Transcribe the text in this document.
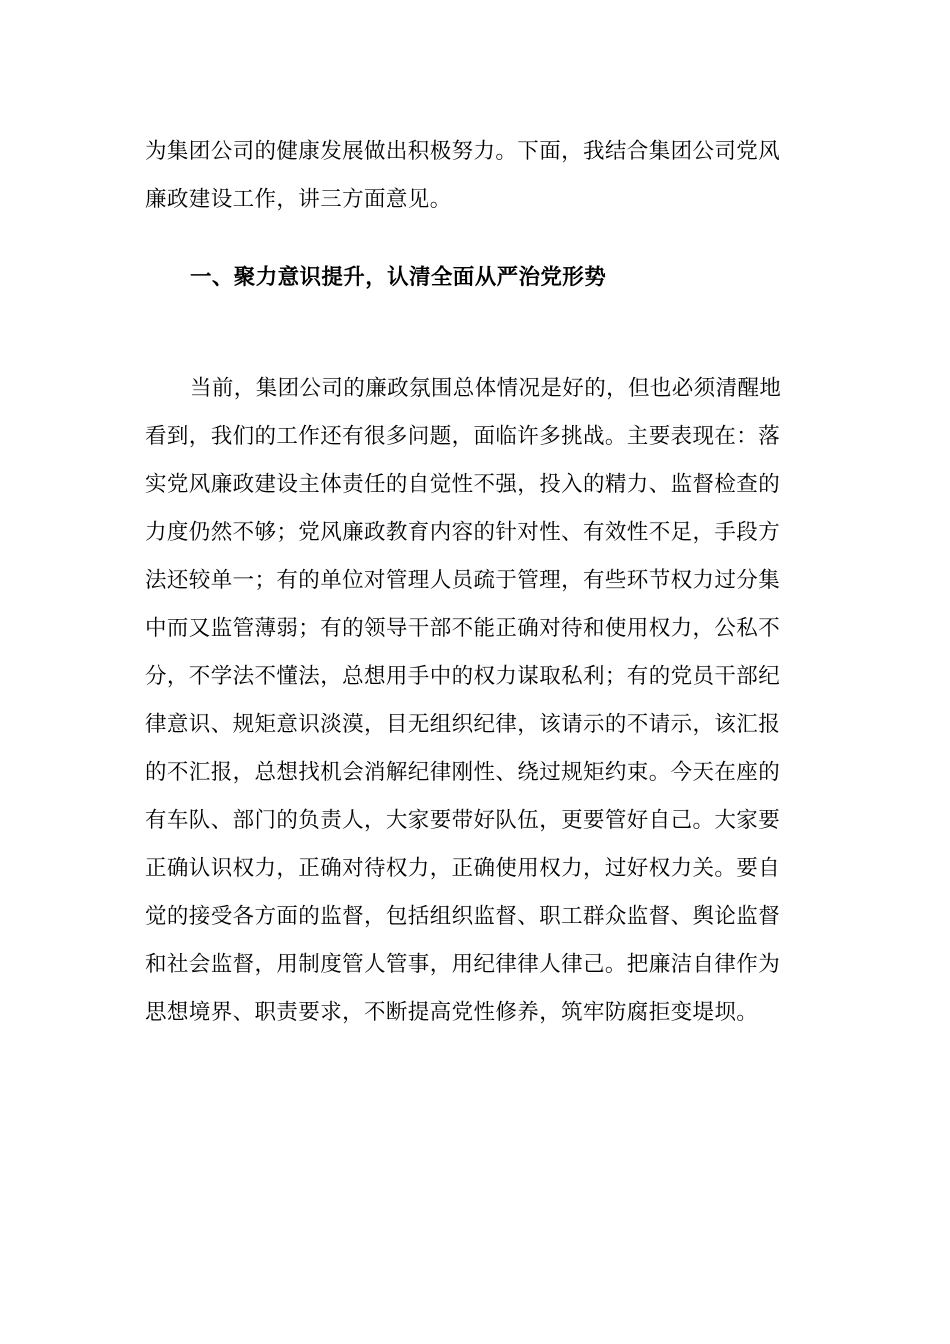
为集团公司的健康发展做出积极努力。下面，我结合集团公司党风
廉政建设工作，讲三方面意见。
一、聚力意识提升，认清全面从严治党形势
当前，集团公司的廉政氛围总体情况是好的，但也必须清醒地
看到，我们的工作还有很多问题，面临许多挑战。主要表现在：落
实党风廉政建设主体责任的自觉性不强，投入的精力、监督检查的
力度仍然不够；党风廉政教育内容的针对性、有效性不足，手段方
法还较单一；有的单位对管理人员疏于管理，有些环节权力过分集
中而又监管薄弱；有的领导干部不能正确对待和使用权力，公私不
分，不学法不懂法，总想用手中的权力谋取私利；有的党员干部纪
律意识、规矩意识淡漠，目无组织纪律，该请示的不请示，该汇报
的不汇报，总想找机会消解纪律刚性、绕过规矩约束。今天在座的
有车队、部门的负责人，大家要带好队伍，更要管好自己。大家要
正确认识权力，正确对待权力，正确使用权力，过好权力关。要自
觉的接受各方面的监督，包括组织监督、职工群众监督、舆论监督
和社会监督，用制度管人管事，用纪律律人律己。把廉洁自律作为
思想境界、职责要求，不断提高党性修养，筑牢防腐拒变堤坝。
